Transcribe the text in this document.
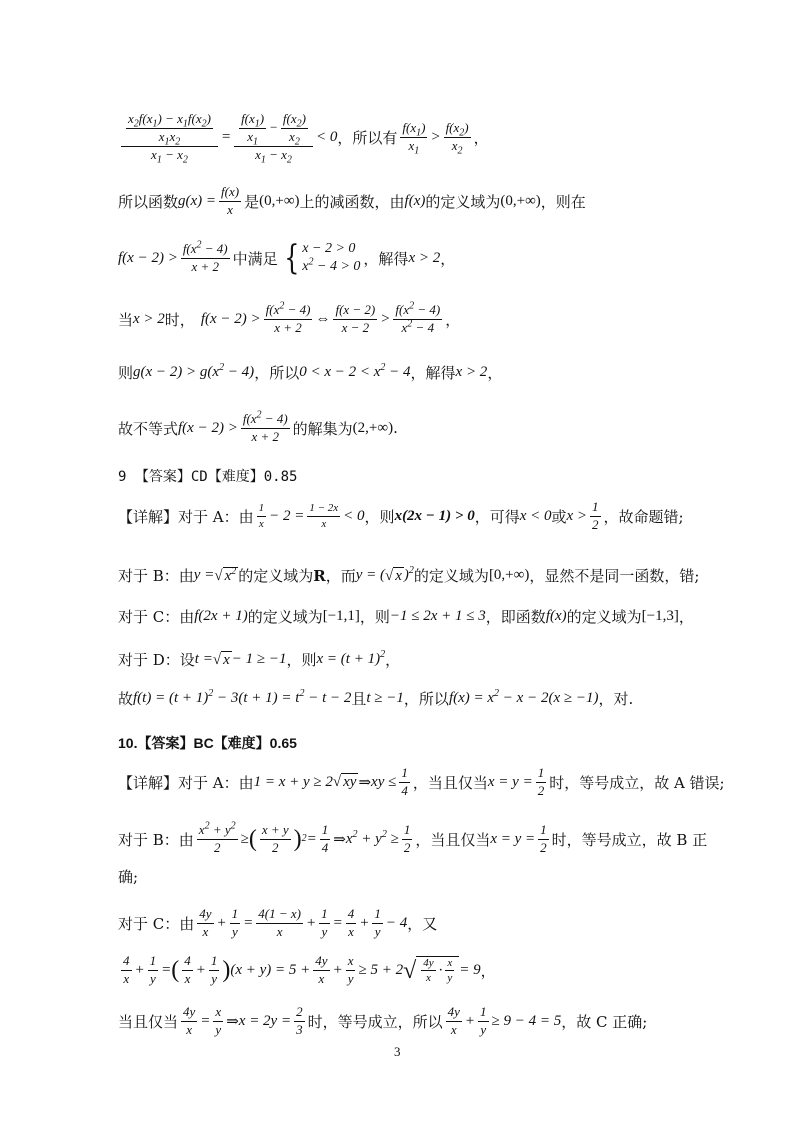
$\frac{\frac{x_2f(x_1) - x_1f(x_2)}{x_1x_2}}{x_1 - x_2} = \frac{\frac{f(x_1)}{x_1} - \frac{f(x_2)}{x_2}}{x_1 - x_2} < 0$ ， 所以有 $\frac{f(x_1)}{x_1} > \frac{f(x_2)}{x_2}$ ，
所以函数 $g(x) = \frac{f(x)}{x}$ 是 (0,+∞) 上的减函数，由 f(x) 的定义域为 (0,+∞) ，则在
$f(x - 2) > \frac{f(x^2 - 4)}{x + 2}$ 中满足 { x − 2 > 0
$x^2 - 4 > 0$ ，解得 x > 2 ，
当 x > 2 时， $f(x - 2) > \frac{f(x^2 - 4)}{x + 2}$ ⇔ $\frac{f(x - 2)}{x - 2} > \frac{f(x^2 - 4)}{x^2 - 4}$ ，
则 $g(x - 2) > g(x^2 - 4)$ ，所以 $0 < x - 2 < x^2 - 4$ ，解得 x > 2 ，
故不等式 $f(x - 2) > \frac{f(x^2 - 4)}{x + 2}$ 的解集为 (2,+∞) .
9 【答案】CD【难度】0.85
【详解】对于 A：由 $\frac{1}{x} - 2 = \frac{1 - 2x}{x} < 0$ ，则 x(2x − 1) > 0 ，可得 x < 0 或 $x > \frac{1}{2}$ ，故命题错;
对于 B：由 y = √ $x^2$ 的定义域为 R ，而 y = ( √ x )$^2$ 的定义域为 [0,+∞) ，显然不是同一函数，错;
对于 C：由 f(2x + 1) 的定义域为 [−1,1] ，则 −1 ≤ 2x + 1 ≤ 3 ，即函数 f(x) 的定义域为 [−1,3] ，
对于 D：设 t = √ x − 1 ≥ −1 ，则 $x = (t + 1)^2$ ，
故 $f(t) = (t + 1)^2 - 3(t + 1) = t^2 - t - 2$ 且 t ≥ −1 ，所以 $f(x) = x^2 - x - 2(x \ge -1)$ ，对.
10.【答案】BC【难度】0.65
【详解】对于 A：由 1 = x + y ≥ 2 √ xy ⇒ xy ≤ $\frac{1}{4}$ ，当且仅当 $x = y = \frac{1}{2}$ 时，等号成立，故 A 错误;
对于 B：由 $\frac{x^2 + y^2}{2}$ ≥ ( $\frac{x + y}{2}$ ) $2 = \frac{1}{4}$ ⇒ $x^2 + y^2 \ge \frac{1}{2}$ ，当且仅当 $x = y = \frac{1}{2}$ 时，等号成立，故 B 正
确;
对于 C：由 $\frac{4y}{x} + \frac{1}{y} = \frac{4(1 - x)}{x} + \frac{1}{y} = \frac{4}{x} + \frac{1}{y} - 4$ ，又
$\frac{4}{x} + \frac{1}{y}$ = ( $\frac{4}{x} + \frac{1}{y}$ ) $(x + y) = 5 + \frac{4y}{x} + \frac{x}{y} \ge 5 + 2$ √ $\frac{4y}{x} \cdot \frac{x}{y} = 9$ ，
当且仅当 $\frac{4y}{x} = \frac{x}{y}$ ⇒ $x = 2y = \frac{2}{3}$ 时，等号成立，所以 $\frac{4y}{x} + \frac{1}{y} \ge 9 - 4 = 5$ ，故 C 正确;
3
